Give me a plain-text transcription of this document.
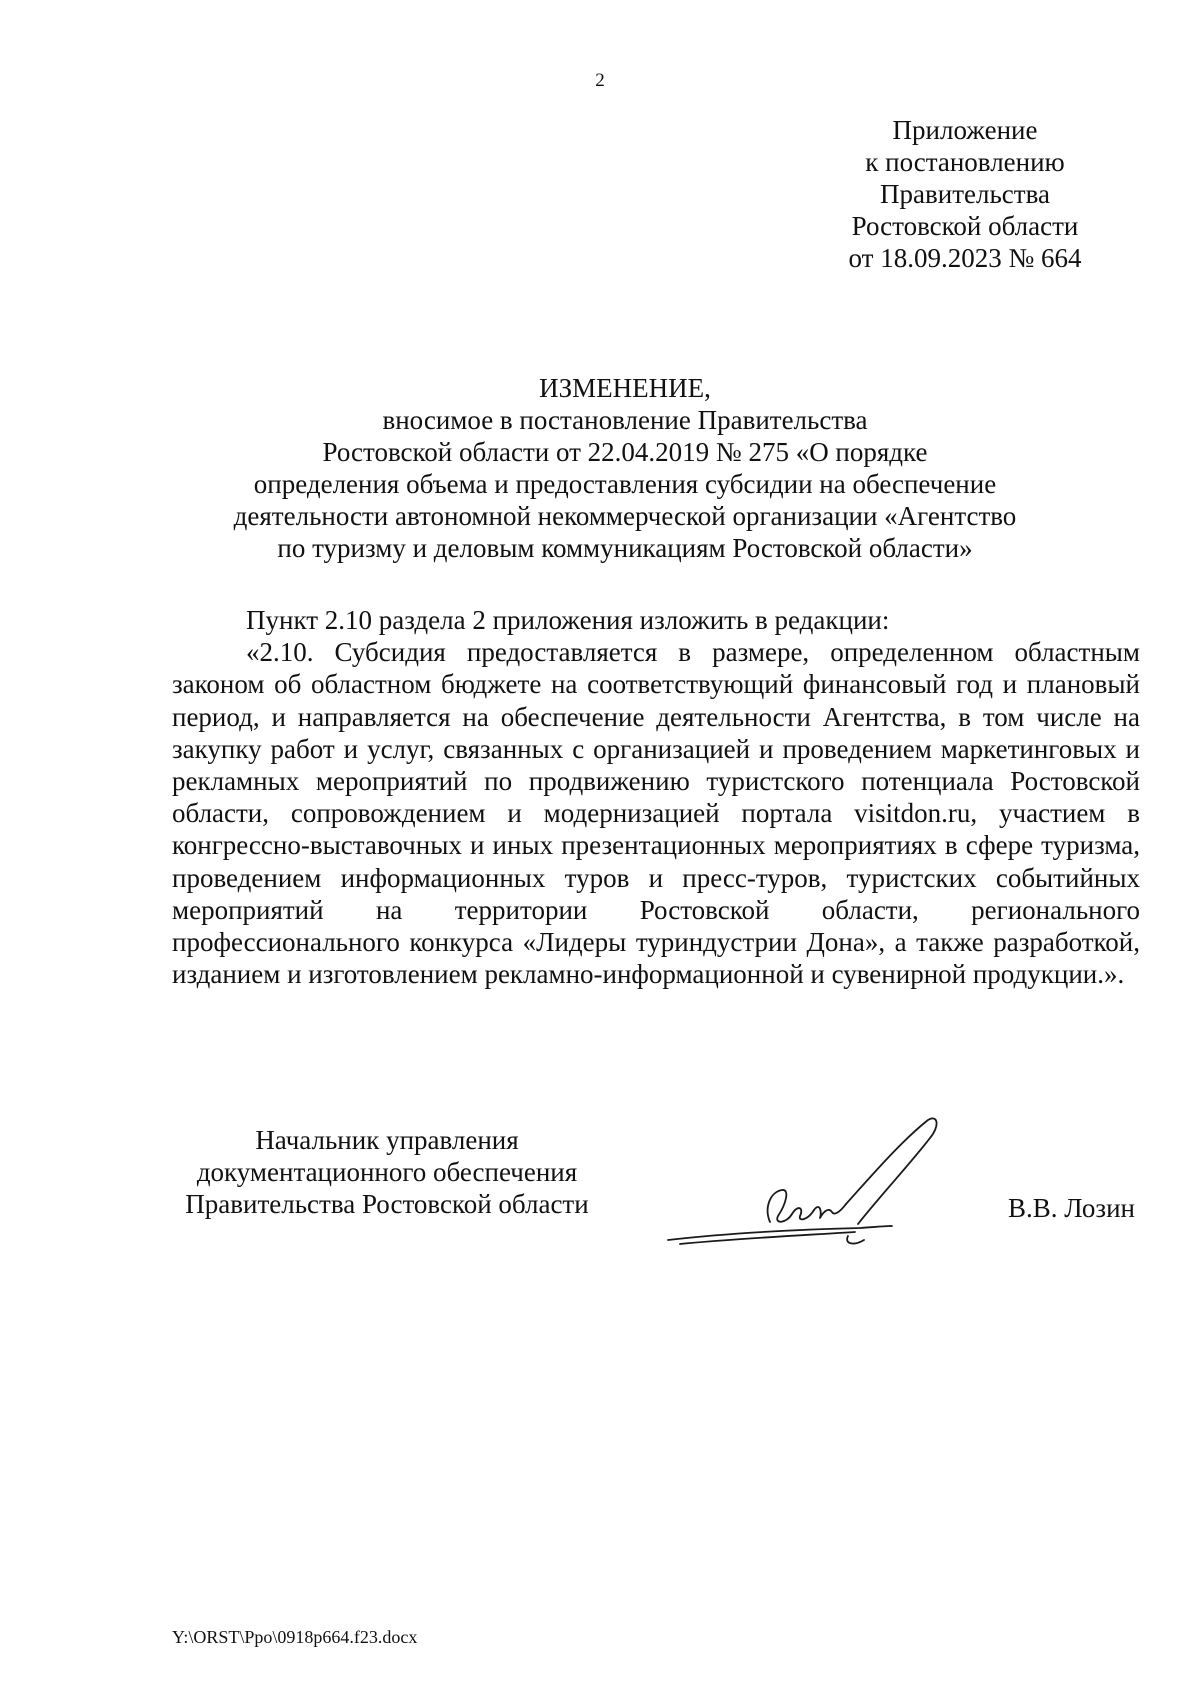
2
Приложение
к постановлению
Правительства
Ростовской области
от 18.09.2023 № 664
ИЗМЕНЕНИЕ,
вносимое в постановление Правительства
Ростовской области от 22.04.2019 № 275 «О порядке
определения объема и предоставления субсидии на обеспечение
деятельности автономной некоммерческой организации «Агентство
по туризму и деловым коммуникациям Ростовской области»

Пункт 2.10 раздела 2 приложения изложить в редакции:

«2.10. Субсидия предоставляется в размере, определенном областным законом об областном бюджете на соответствующий финансовый год и плановый период, и направляется на обеспечение деятельности Агентства, в том числе на закупку работ и услуг, связанных с организацией и проведением маркетинговых и рекламных мероприятий по продвижению туристского потенциала Ростовской области, сопровождением и модернизацией портала visitdon.ru, участием в конгрессно-выставочных и иных презентационных мероприятиях в сфере туризма, проведением информационных туров и пресс-туров, туристских событийных мероприятий на территории Ростовской области, регионального профессионального конкурса «Лидеры туриндустрии Дона», а также разработкой, изданием и изготовлением рекламно-информационной и сувенирной продукции.».

Начальник управления
документационного обеспечения
Правительства Ростовской области	В.В. Лозин
Y:\ORST\Ppo\0918p664.f23.docx
